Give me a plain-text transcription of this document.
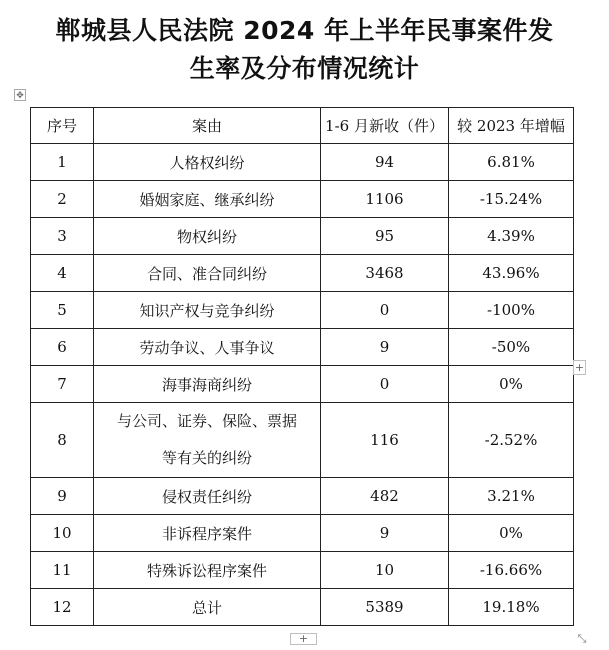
郸城县人民法院 2024 年上半年民事案件发
生率及分布情况统计
✥
序号	案由	1-6 月新收（件）	较 2023 年增幅
1	人格权纠纷	94	6.81%
2	婚姻家庭、继承纠纷	1106	-15.24%
3	物权纠纷	95	4.39%
4	合同、准合同纠纷	3468	43.96%
5	知识产权与竞争纠纷	0	-100%
6	劳动争议、人事争议	9	-50%
7	海事海商纠纷	0	0%
8	与公司、证券、保险、票据等有关的纠纷	116	-2.52%
9	侵权责任纠纷	482	3.21%
10	非诉程序案件	9	0%
11	特殊诉讼程序案件	10	-16.66%
12	总计	5389	19.18%
+
+	⤡
